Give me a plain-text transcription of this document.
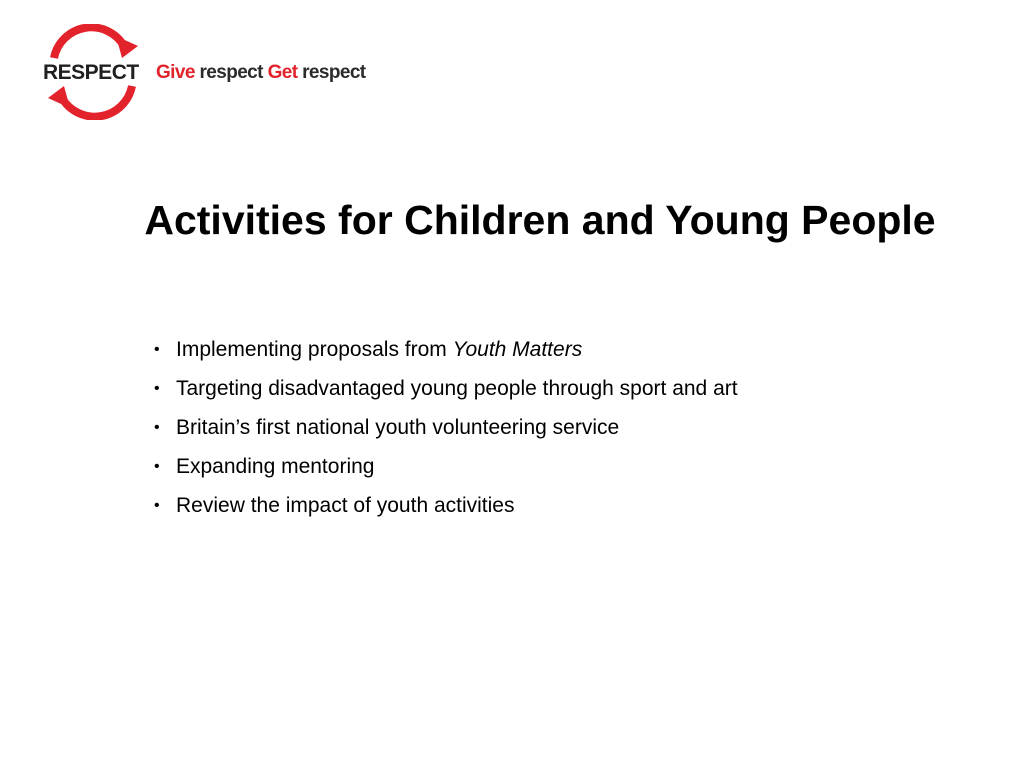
RESPECT Give respect Get respect
Activities for Children and Young People
• Implementing proposals from Youth Matters
• Targeting disadvantaged young people through sport and art
• Britain’s first national youth volunteering service
• Expanding mentoring
• Review the impact of youth activities
